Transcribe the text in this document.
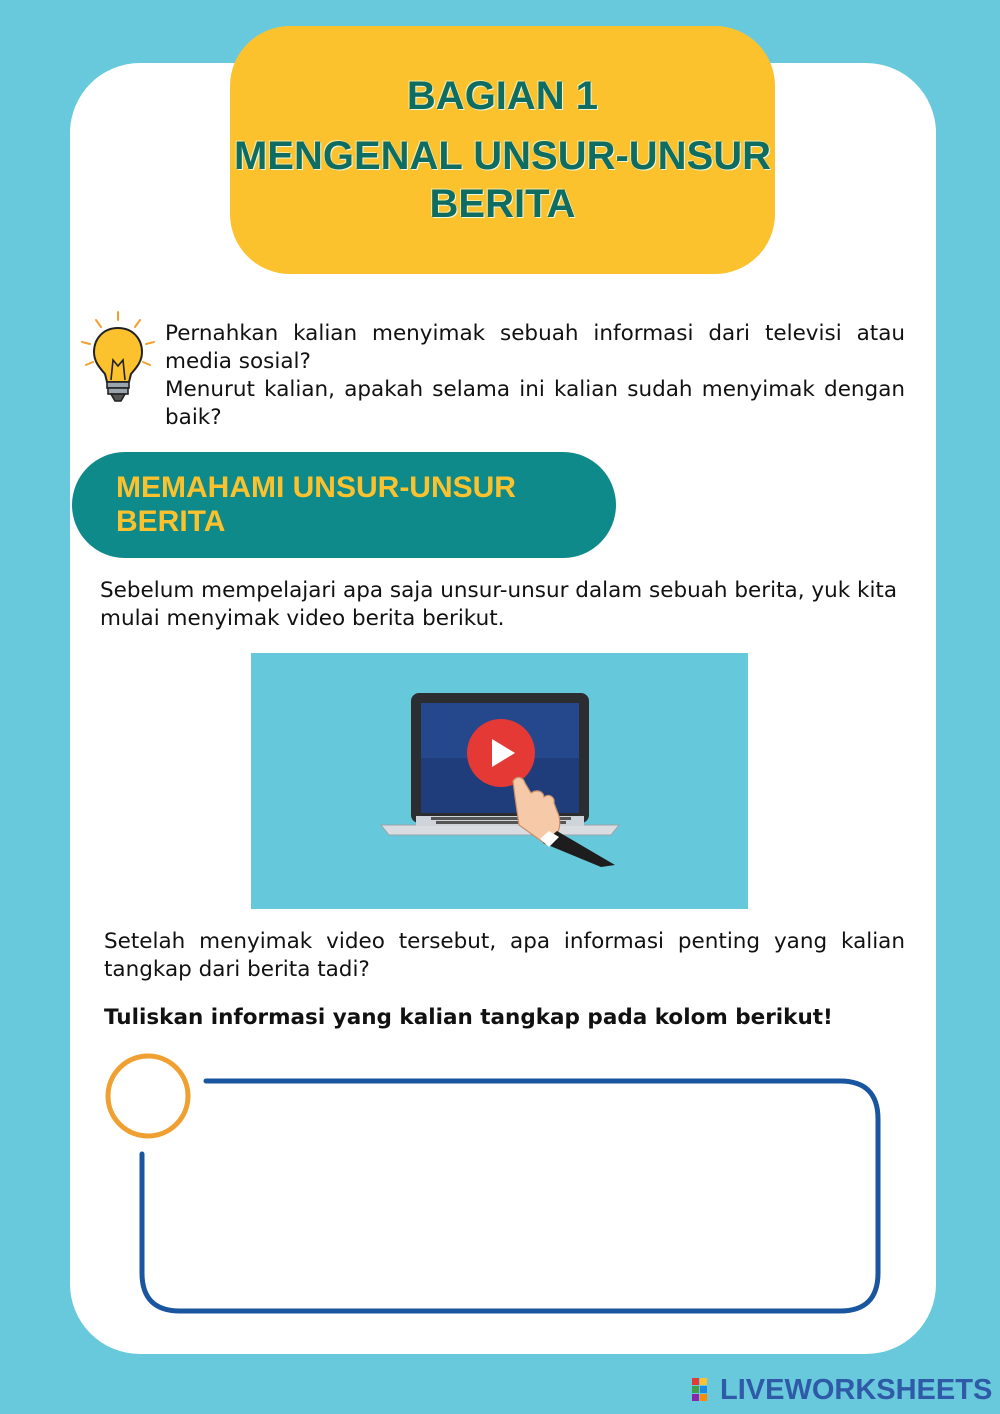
BAGIAN 1
MENGENAL UNSUR-UNSUR
BERITA

Pernahkan kalian menyimak sebuah informasi dari televisi atau media sosial?

Menurut kalian, apakah selama ini kalian sudah menyimak dengan baik?

MEMAHAMI UNSUR-UNSUR BERITA

Sebelum mempelajari apa saja unsur-unsur dalam sebuah berita, yuk kita mulai menyimak video berita berikut.

Setelah menyimak video tersebut, apa informasi penting yang kalian tangkap dari berita tadi?

Tuliskan informasi yang kalian tangkap pada kolom berikut!

LIVEWORKSHEETS
